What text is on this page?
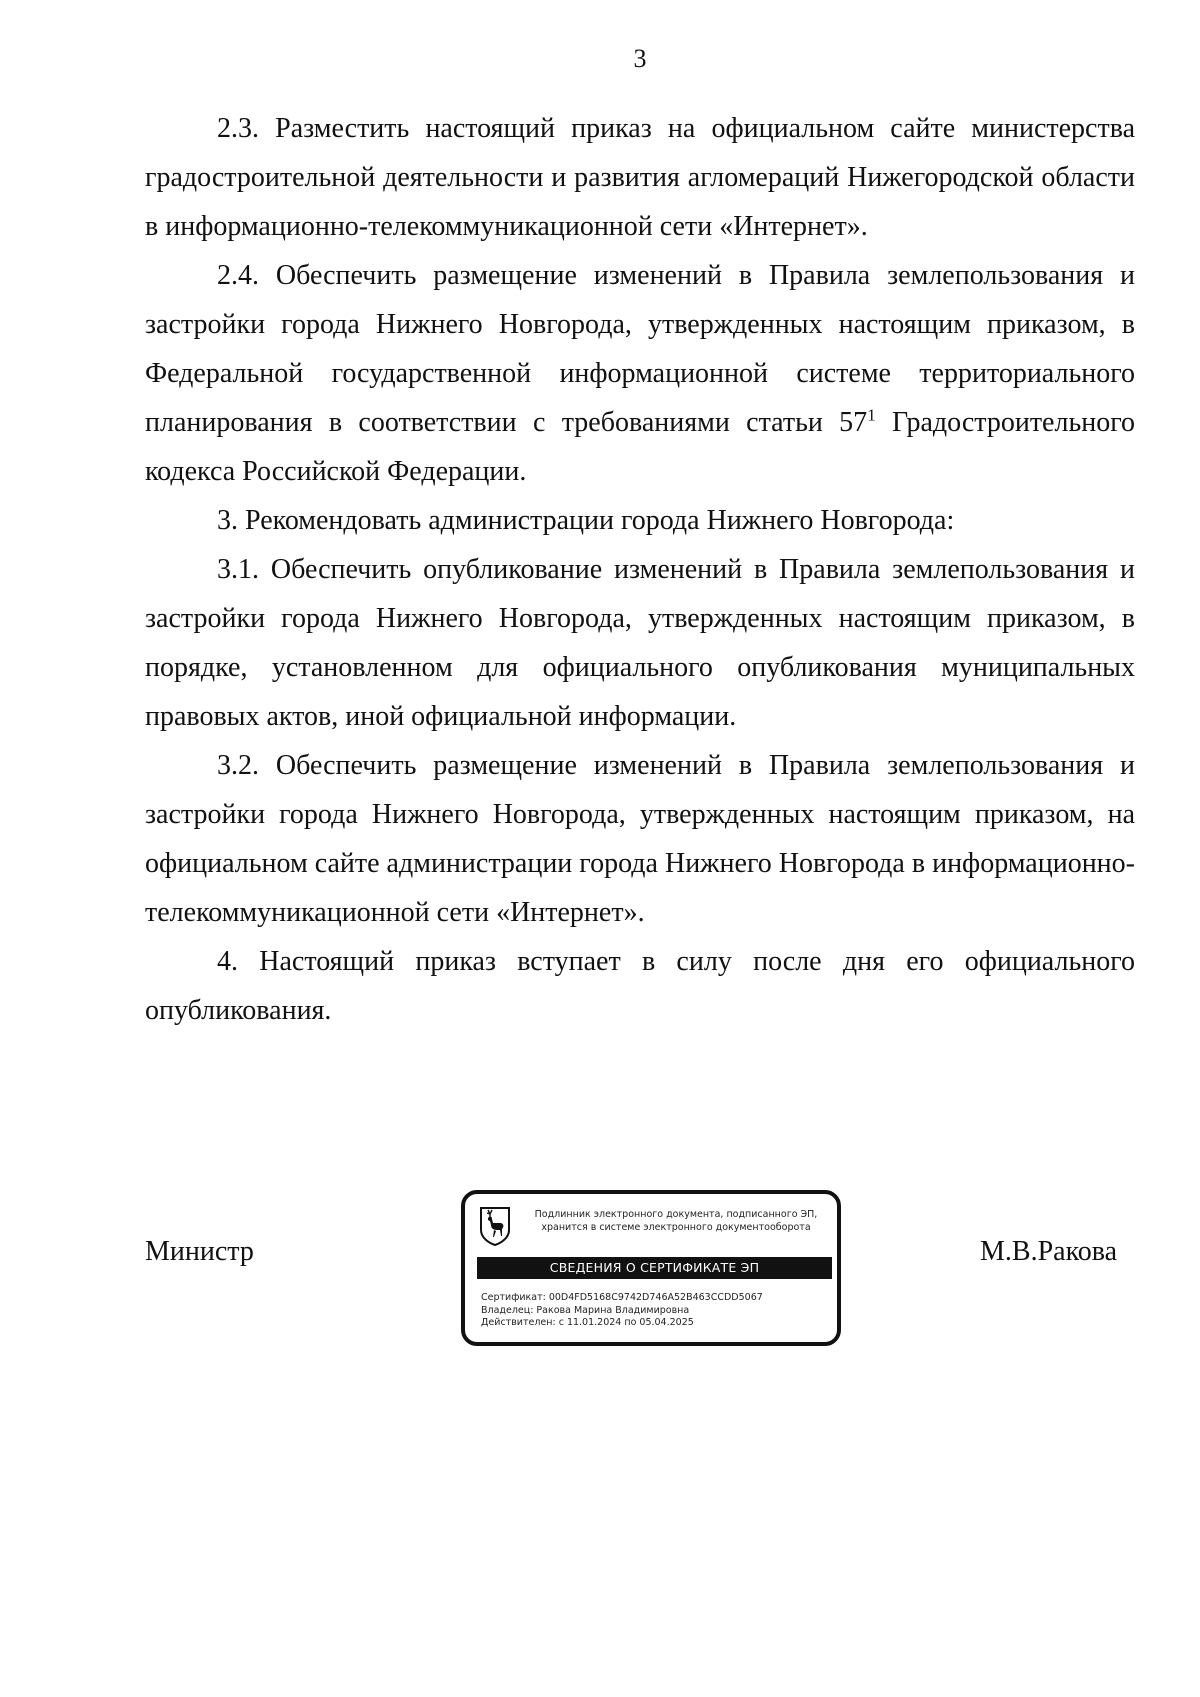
3

2.3. Разместить настоящий приказ на официальном сайте министерства градостроительной деятельности и развития агломераций Нижегородской области в информационно-телекоммуникационной сети «Интернет».

2.4. Обеспечить размещение изменений в Правила землепользования и застройки города Нижнего Новгорода, утвержденных настоящим приказом, в Федеральной государственной информационной системе территориального планирования в соответствии с требованиями статьи $57^1$ Градостроительного кодекса Российской Федерации.

3. Рекомендовать администрации города Нижнего Новгорода:

3.1. Обеспечить опубликование изменений в Правила землепользования и застройки города Нижнего Новгорода, утвержденных настоящим приказом, в порядке, установленном для официального опубликования муниципальных правовых актов, иной официальной информации.

3.2. Обеспечить размещение изменений в Правила землепользования и застройки города Нижнего Новгорода, утвержденных настоящим приказом, на официальном сайте администрации города Нижнего Новгорода в информационно-телекоммуникационной сети «Интернет».

4. Настоящий приказ вступает в силу после дня его официального опубликования.

Министр
Подлинник электронного документа, подписанного ЭП,
хранится в системе электронного документооборота
СВЕДЕНИЯ О СЕРТИФИКАТЕ ЭП
Сертификат: 00D4FD5168C9742D746A52B463CCDD5067
Владелец: Ракова Марина Владимировна
Действителен: с 11.01.2024 по 05.04.2025
М.В.Ракова
